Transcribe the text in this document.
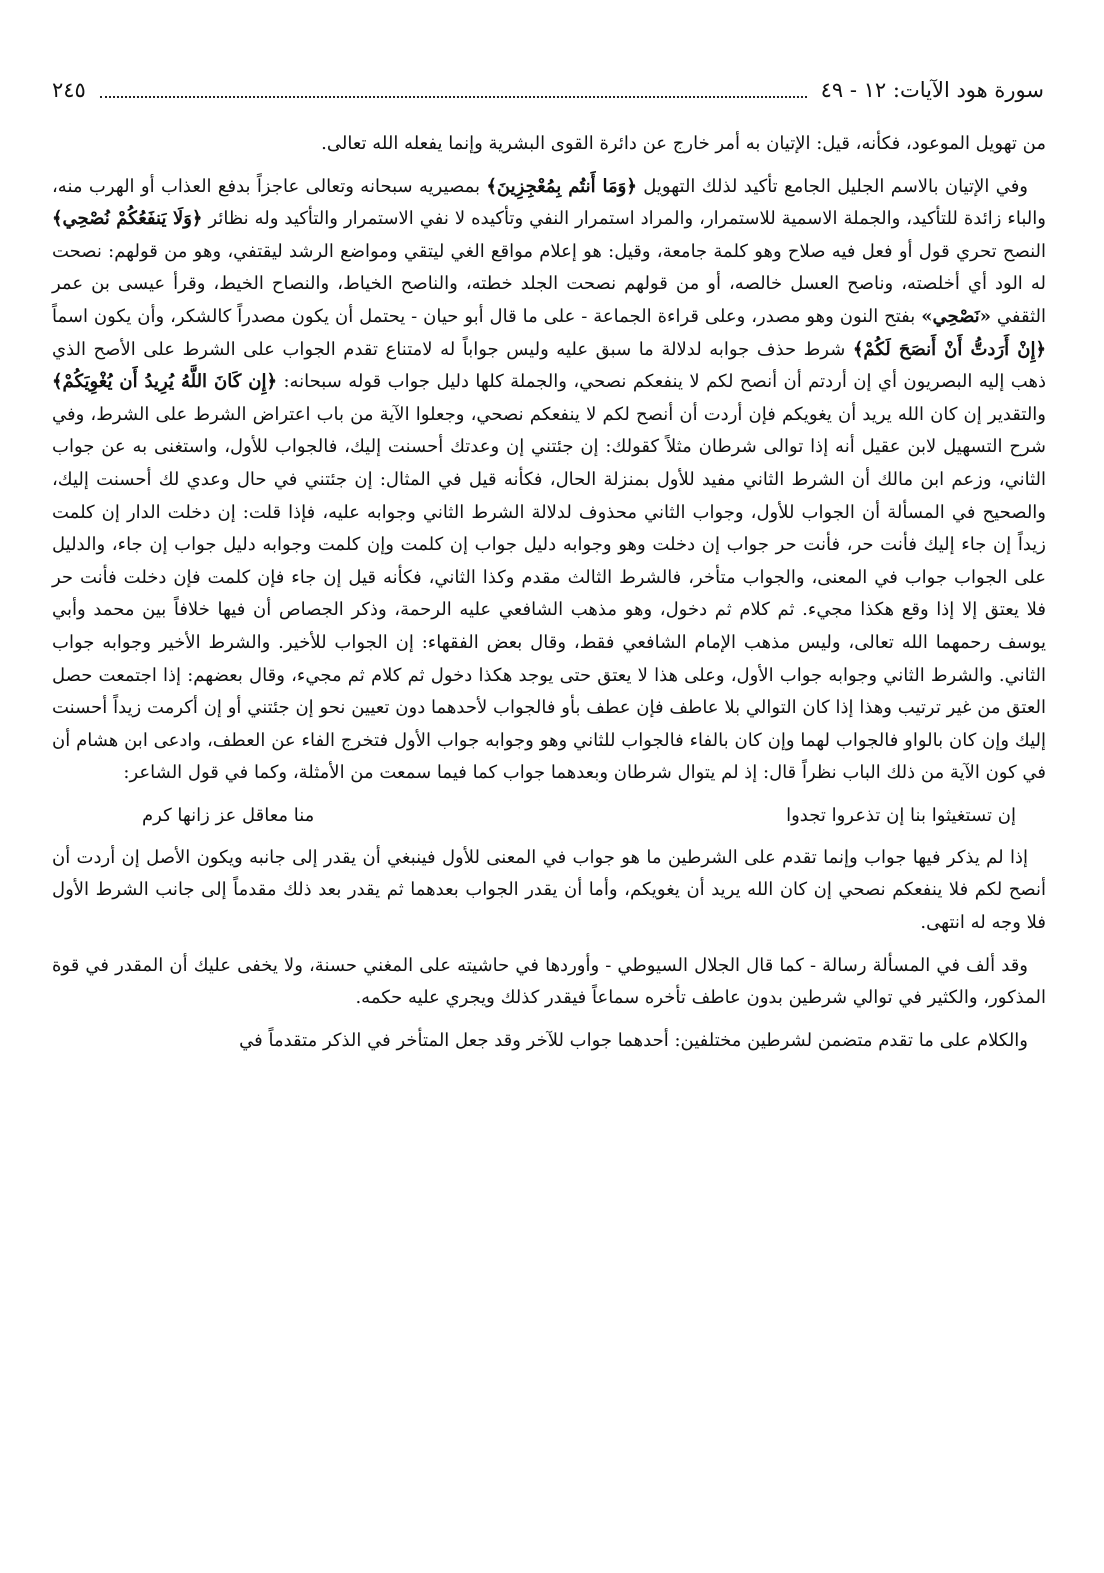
سورة هود الآيات: ١٢ - ٤٩
٢٤٥

من تهويل الموعود، فكأنه، قيل: الإتيان به أمر خارج عن دائرة القوى البشرية وإنما يفعله الله تعالى.

وفي الإتيان بالاسم الجليل الجامع تأكيد لذلك التهويل ﴿وَمَا أَنتُم بِمُعْجِزِينَ﴾ بمصيريه سبحانه وتعالى عاجزاً بدفع العذاب أو الهرب منه، والباء زائدة للتأكيد، والجملة الاسمية للاستمرار، والمراد استمرار النفي وتأكيده لا نفي الاستمرار والتأكيد وله نظائر ﴿وَلَا يَنفَعُكُمْ نُصْحِي﴾ النصح تحري قول أو فعل فيه صلاح وهو كلمة جامعة، وقيل: هو إعلام مواقع الغي ليتقي ومواضع الرشد ليقتفي، وهو من قولهم: نصحت له الود أي أخلصته، وناصح العسل خالصه، أو من قولهم نصحت الجلد خطته، والناصح الخياط، والنصاح الخيط، وقرأ عيسى بن عمر الثقفي «نَصْحِي» بفتح النون وهو مصدر، وعلى قراءة الجماعة - على ما قال أبو حيان - يحتمل أن يكون مصدراً كالشكر، وأن يكون اسماً ﴿إِنْ أَرَدتُّ أَنْ أَنصَحَ لَكُمْ﴾ شرط حذف جوابه لدلالة ما سبق عليه وليس جواباً له لامتناع تقدم الجواب على الشرط على الأصح الذي ذهب إليه البصريون أي إن أردتم أن أنصح لكم لا ينفعكم نصحي، والجملة كلها دليل جواب قوله سبحانه: ﴿إِن كَانَ اللَّهُ يُرِيدُ أَن يُغْوِيَكُمْ﴾ والتقدير إن كان الله يريد أن يغويكم فإن أردت أن أنصح لكم لا ينفعكم نصحي، وجعلوا الآية من باب اعتراض الشرط على الشرط، وفي شرح التسهيل لابن عقيل أنه إذا توالى شرطان مثلاً كقولك: إن جئتني إن وعدتك أحسنت إليك، فالجواب للأول، واستغنى به عن جواب الثاني، وزعم ابن مالك أن الشرط الثاني مفيد للأول بمنزلة الحال، فكأنه قيل في المثال: إن جئتني في حال وعدي لك أحسنت إليك، والصحيح في المسألة أن الجواب للأول، وجواب الثاني محذوف لدلالة الشرط الثاني وجوابه عليه، فإذا قلت: إن دخلت الدار إن كلمت زيداً إن جاء إليك فأنت حر، فأنت حر جواب إن دخلت وهو وجوابه دليل جواب إن كلمت وإن كلمت وجوابه دليل جواب إن جاء، والدليل على الجواب جواب في المعنى، والجواب متأخر، فالشرط الثالث مقدم وكذا الثاني، فكأنه قيل إن جاء فإن كلمت فإن دخلت فأنت حر فلا يعتق إلا إذا وقع هكذا مجيء. ثم كلام ثم دخول، وهو مذهب الشافعي عليه الرحمة، وذكر الجصاص أن فيها خلافاً بين محمد وأبي يوسف رحمهما الله تعالى، وليس مذهب الإمام الشافعي فقط، وقال بعض الفقهاء: إن الجواب للأخير. والشرط الأخير وجوابه جواب الثاني. والشرط الثاني وجوابه جواب الأول، وعلى هذا لا يعتق حتى يوجد هكذا دخول ثم كلام ثم مجيء، وقال بعضهم: إذا اجتمعت حصل العتق من غير ترتيب وهذا إذا كان التوالي بلا عاطف فإن عطف بأو فالجواب لأحدهما دون تعيين نحو إن جئتني أو إن أكرمت زيداً أحسنت إليك وإن كان بالواو فالجواب لهما وإن كان بالفاء فالجواب للثاني وهو وجوابه جواب الأول فتخرج الفاء عن العطف، وادعى ابن هشام أن في كون الآية من ذلك الباب نظراً قال: إذ لم يتوال شرطان وبعدهما جواب كما فيما سمعت من الأمثلة، وكما في قول الشاعر:

إن تستغيثوا بنا إن تذعروا تجدوا
منا معاقل عز زانها كرم

إذا لم يذكر فيها جواب وإنما تقدم على الشرطين ما هو جواب في المعنى للأول فينبغي أن يقدر إلى جانبه ويكون الأصل إن أردت أن أنصح لكم فلا ينفعكم نصحي إن كان الله يريد أن يغويكم، وأما أن يقدر الجواب بعدهما ثم يقدر بعد ذلك مقدماً إلى جانب الشرط الأول فلا وجه له انتهى.

وقد ألف في المسألة رسالة - كما قال الجلال السيوطي - وأوردها في حاشيته على المغني حسنة، ولا يخفى عليك أن المقدر في قوة المذكور، والكثير في توالي شرطين بدون عاطف تأخره سماعاً فيقدر كذلك ويجري عليه حكمه.

والكلام على ما تقدم متضمن لشرطين مختلفين: أحدهما جواب للآخر وقد جعل المتأخر في الذكر متقدماً في
